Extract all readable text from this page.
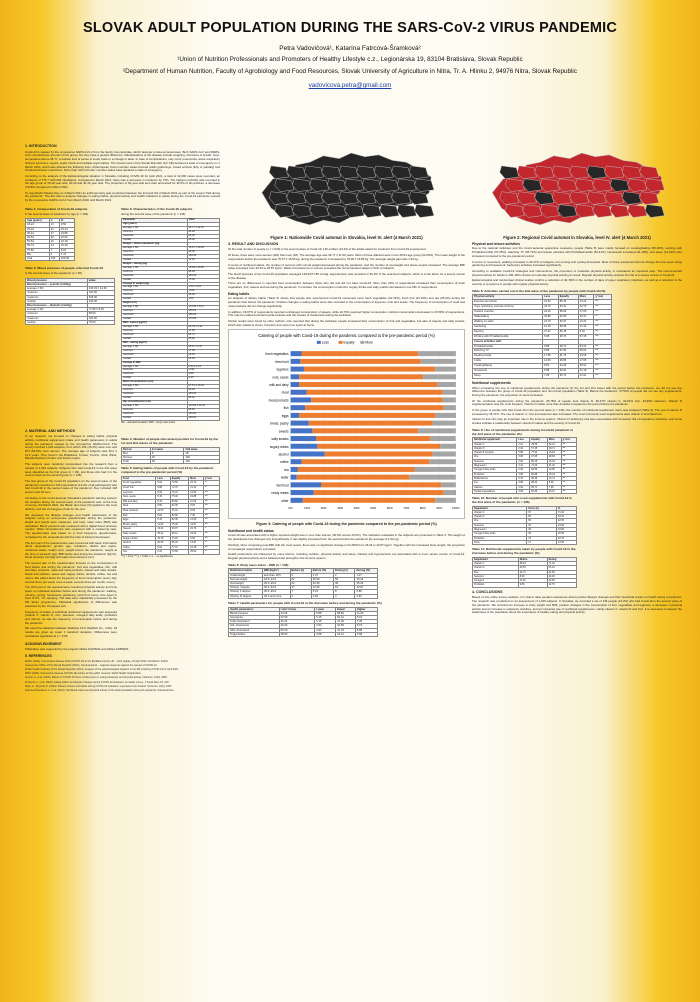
SLOVAK ADULT POPULATION DURING THE SARS-CoV-2 VIRUS PANDEMIC
Petra Vadovičová¹, Katarína Fatrcová-Šramková²
¹Union of Nutrition Professionals and Promoters of Healthy Lifestyle c.z., Legionárska 19, 83104 Bratislava, Slovak Republic
²Department of Human Nutrition, Faculty of Agrobiology and Food Resources, Slovak University of Agriculture in Nitra, Tr. A. Hlinku 2, 94976 Nitra, Slovak Republic
vadovicova.petra@gmail.com
1. INTRODUCTION
Covid-19 is caused by the coronavirus SARS-CoV-2 from the family Coronaviridae, which belongs to beta-coronaviruses. Both SARS-CoV and MERS-CoV coronaviruses are part of this group, but they have a genetic difference. Manifestations of the disease include coughing, shortness of breath, fever, temperature above 38 °C, a sudden loss of sense of smell, taste or a change in taste. In case of complications, may occur pneumonia, acute respiratory distress syndrome, sepsis, septic shock and multiple organ failure. The Government of the Slovak Republic (GV SR) declared a state of emergency on 1 March 2020, which also affected the following lives. All European Union member states banned public gatherings, closed schools (fully or partially) and introduced border restrictions. More than half of the EU member states have declared a state of emergency.
According to the analysis of the Epidemiological situation in Slovakia, including COVID-19 for April 2021, a total of 42,000 cases were recorded, an incidence of 775.7 /100 000 inhabitants. Compared to March 2021, there was a decrease in incidence by 72%. The highest morbidity was recorded in the age group of 15-19 year olds, 20-24 and 40-44 year olds. The proportion of 45-year-olds and older accounted for 32.6% of all positives, a decrease of 8.6% compared to March 2021.
To map World Obesity Day on 4 March 2021 an anthropometry was conducted between the 2nd and 3rd of March 2021 as part of the project 'Talk during the pandemic'. The aim was to analyze changes in eating habits, physical activity and health indicators in adults during the Covid-19 pandemic caused by the coronavirus SARS-CoV-2 from March 2020 until March 2021.
Table 1: Composition of Covid-19 subjects
in the second wave of pandemic by age (n = 136)
Age (years)	n	%
18-24	13	9.56
25-34	21	15.44
35-44	27	19.85
45-54	30	22.06
55-64	22	16.18
65-74	14	10.29
75-84	7	5.15
85+	2	1.47
total	136	100.00
Table 2: Blood pressure of people, who had Covid-19
in the second wave of the pandemic (n = 66)
Blood pressure	value
Blood pressure – systolic (mmHg)	
average ± SD	133.03 ± 12.52
minimum	106.00
maximum	165.00
median	130.00
Blood pressure – diastolic (mmHg)	
average ± SD	77.89 ± 8.29
minimum	58.00
maximum	102.00
median	79.00
Table 3: Characteristics of the Covid-19 subjects
during the second wave of the pandemic (n = 136)
Parameter	Total
Age (years)	
average ± SD	46.77 ± 11.53
minimum	22.00
maximum	85.00
median	46.00
Weight – before pandemic (kg)	
average ± SD	76.57 ± 16.55
minimum	42.00
maximum	130.00
median	72.00
Weight – during (kg)	
average ± SD	78.09 ± 16.85
minimum	43.00
maximum	140.00
median	73.00
Change in weight (kg)	
average ± SD	1.52 ± 3.25
minimum	-8.00
maximum	14.00
median	1.00
Height (cm)	
average ± SD	170.33 ± 8.07
minimum	155.00
maximum	198.00
median	170.00
BMI – before (kg/m²)	
average ± SD	26.34 ± 5.12
minimum	17.60
maximum	54.71
median	25.48
BMI – during (kg/m²)	
average ± SD	26.87 ± 5.27
minimum	17.96
maximum	56.35
median	26.02
Change in BMI	
average ± SD	0.53 ± 1.14
minimum	-2.94
maximum	4.84
median	0.35
Waist circumference (cm)	
average ± SD	87.91 ± 15.34
minimum	58.00
maximum	135.00
median	86.00
Hip circumference (cm)	
average ± SD	104.04 ± 11.60
minimum	80.00
maximum	145.00
median	103.00
SD – standard deviation; BMI – body mass index
2. MATERIAL AND METHODS
In our research, we focused on changes in eating habits, physical activity, nutritional supplement intake and health parameters in adults during the pandemic caused by the coronavirus SARS-CoV-2. The survey involved 1,029 subjects, from which 156 (15.2%) were men and 873 (84.8%) were women. The average age of subjects was 45.2 ± 12.9 years. They lived in the Bratislava, Trnava, Trenčín, Nitra, Žilina, Banská Bystrica, Prešov and Košice region.
The subjects were randomly incorporated into the research from a sample of 1,029 subjects. Subjects who had Covid-19 in the first wave were classified as the first group (n = 39), and those who had it in the second wave as the second group (n = 136).
The first group of the Covid-19 population (in the second wave of the pandemic) consisted of 136 respondents (13.2% of all participants) who had Covid-19 in the second wave of the pandemic; they included 118 women and 18 men.
According to the Covid-automat (Slovakia's pandemic warning system) the situation during the second wave of the pandemic was: at the time of survey, 3rd March 2021, the 'Black' alert level (IV) applied to the most districts, and the 2nd degree of risk for the rest.
We assessed the lifestyle changes and health parameters of the subjects using an anonymous questionnaire during the pandemic. Height and weight were measured, and body mass index (BMI) was calculated. Blood pressure was measured with a digital blood pressure monitor. Waist circumference was measured with a measuring tape. The questionnaire was based on a food frequency questionnaire, completed by the respondents with the help of trained interviewers.
The first part of the questionnaire was concerned with basic information about respondents: gender, age, residence, district and region, nutritional status, height (cm), weight before the pandemic, weight at the time of research (kg), BMI before and during the pandemic (kg/m²), blood pressure (mmHg) and waist circumference (cm).
The second part of the questionnaire focused on the consumption of food before and during the pandemic: fruit and vegetables, fish, milk and dairy products, meat and meat products, sweets and salty snacks, bread and pastries, sweet and sugary drinks, alcohol, coffee, tea and others. We asked about the frequency of food consumption (every day, several times per week, once a week, several times per month, never).
The third part of the questionnaire monitored physical activity and time spent on individual activities before and during the pandemic: walking, running, cycling, housework, gardening, work from home, time spent in front of PC, TV, sleeping. The data were statistically processed by the MS Excel programme. Statistical significance of differences was assessed by the chi-square test.
Frequency of intake of individual nutritional supplements was assessed (vitamin C, vitamin D, zinc, selenium, omega-3 fatty acids, probiotics and others), as was the frequency of consumption before and during the pandemic.
We used the statistical software Statistica 13.0 (StatSoft Inc., USA). All results are given as mean ± standard deviation. Differences were considered significant at p < 0.05.
Table 4: Number of people who tested positive for Covid-19 by the 1st and 2nd waves of the pandemic
Period	1st wave	2nd wave
Men	5	18
Women	34	118
Total	39	136
Table 5: Eating habits of people with Covid-19 by the pandemic compared to the pre-pandemic period (%)
Food	Less	Equally	More	χ² test
Fresh vegetables	6.62	70.59	22.79	**
Fresh fruit	5.88	72.79	21.32	**
Legumes	8.09	79.41	12.50	***
Nuts, seeds	5.15	75.00	19.85	***
Milk and dairy	5.15	83.82	11.03	***
Meat	9.56	82.35	8.09	***
Meat products	12.50	79.41	8.09	***
Fish	8.82	83.82	7.35	***
Eggs	5.15	82.35	12.50	***
Bread, pastry	11.03	75.00	13.97	***
Sweets	13.24	63.97	22.79	*
Salty snacks	15.44	69.12	15.44	***
Sugary drinks	16.18	74.26	9.56	***
Alcohol	20.59	65.44	13.97	**
Coffee	6.62	77.21	16.18	***
Tea	4.41	70.59	25.00	**
** p < 0.01, *** p < 0.001, n.s. – no significance
ACKNOWLEDGEMENT
Publication was supported by the projects VEGA 1/0445/21 and VEGA 1/0598/21.
5. REFERENCES
ECDC (2020). Coronavirus disease 2019 (COVID-19) in the EU/EEA and the UK – ninth update, 23 April 2020. Stockholm: ECDC.
Government Office of the Slovak Republic (2021). Covid-automat – regional measures against the spread of COVID-19.
Public Health Authority of the Slovak Republic (2021). Analysis of the epidemiological situation in the SR including COVID-19 for April 2021.
WHO (2020). Coronavirus disease (COVID-19) advice for the public. Geneva: World Health Organization.
Ammar, A. et al. (2020). Effects of COVID-19 home confinement on eating behaviour and physical activity. Nutrients, 12(6), 1583.
Di Renzo, L. et al. (2020). Eating habits and lifestyle changes during COVID-19 lockdown: an Italian survey. J Transl Med, 18, 229.
Sidor, A., Rzymski, P. (2020). Dietary choices and habits during COVID-19 lockdown: experience from Poland. Nutrients, 12(6), 1657.
Fatrcová-Šramková, K. et al. (2021). Nutritional status and physical activity of the adult population during the pandemic. Potravinarstvo.
Figure 1: Nationwide Covid automat in Slovakia, level IV. alert (4 March 2021)
3. RESULT AND DISCUSSION
Of the total number of people (n = 1 029) in the second wave of Covid-19, 136 entities (13.2% of the adults asked for treatment from Covid-19 experienced.
Of these, there were more women (118) than men (18). The average age was 46.77 ± 11.53 years. Most of those affected were in the 45-54 age group (22.06%). The mean weight of the respondents before the pandemic was 76.57 ± 16.55 kg; during the pandemic it increased to 78.09 ± 16.85 kg. The average weight gain was 1.52 kg.
In terms of nutritional status, the number of persons with normal weight decreased during the pandemic, and the number of overweight and obese people increased. The average BMI value increased from 26.34 to 26.87 kg/m². Waist circumference in women exceeded the recommended values in 51% of subjects.
The blood pressure of the Covid-19 population averaged 133.03/77.89 mmHg. Hypertension was recorded in 36.4% of the examined subjects, which is a risk factor for a severe course of the disease.
There are no differences in reported food consumption between those who did and did not have Covid-19. More than 20% of respondents increased their consumption of fresh vegetables, fruit, sweets and tea during the pandemic. In contrast, the consumption of alcohol, sugary drinks and salty snacks decreased in one fifth of respondents.
Eating habits
An analysis of dietary habits (Table 5) shows that people who experienced Covid-19 consumed more fresh vegetables (22.79%), fresh fruit (21.32%) and tea (25.0%) during the pandemic than before the pandemic. Positive changes in eating habits were also recorded in the consumption of legumes, nuts and seeds. The frequency of consumption of meat and meat products did not change significantly.
In addition, 63.97% of respondents reported unchanged consumption of sweets, while 22.79% reported higher consumption. Alcohol consumption decreased in 20.59% of respondents. This may be related to limited social contacts and the closure of restaurants during the lockdown.
Similar results were found by other authors, who reported that during the lockdown people increased their consumption of fruit and vegetables, but also of sweets and salty snacks, which was related to stress, boredom and more time spent at home.
Catering of people with Covid-19 during the pandemic compared to the pre-pandemic period (%)
Less	Equally	More
0%	10%	20%	30%	40%	50%	60%	70%	80%	90%	100%
fresh vegetables
fresh fruit
legumes
nuts, seeds
milk and dairy
meat
meat products
fish
eggs
bread, pastry
sweets
salty snacks
sugary drinks
alcohol
coffee
tea
water
fast food
ready meals
other
Figure 3: Catering of people with Covid-19 during the pandemic compared to the pre-pandemic period (%)
Nutritional and health status
Covid-19 was associated with a higher reported weight loss in men than women (40.0% versus 23.0%). The indicators evaluated in the subjects are presented in Table 3. The weight of the participants has changed only insignificantly. It has slightly increased from the period before the pandemic (by average of 1.52 kg).
Similarly, when comparing post-BMI with the most recent, there was no significant change in the BMI from 26.34 to 26.87 kg/m². Together with the increased body weight, the proportion of overweight respondents increased.
Health parameters are influenced by many factors, including nutrition, physical activity and sleep. Obesity and hypertension are associated with a more severe course of Covid-19. Regular physical activity and a balanced diet strengthen the immune system.
Table 6: Body mass index – BMI (n = 136)
Nutritional status	BMI (kg/m²)	Before (n)	Before (%)	During (n)	During (%)
Underweight	less than 18.5	2	1.47	2	1.47
Normal weight	18.5–24.9	62	45.59	55	40.44
Overweight	25.0–29.9	44	32.35	48	35.29
Obesity I degree	30.0–34.9	17	12.50	19	13.97
Obesity II degree	35.0–39.9	7	5.15	8	5.88
Obesity III degree	40.0 and more	4	2.94	4	2.94
Table 7: Health parameters for people with Covid-19 in the 2nd wave before and during the pandemic (%)
Health parameters	I don't know	Lower	Equal	Higher
Blood pressure	24.26	5.88	58.82	11.03
Glycaemia	37.50	5.15	52.21	5.15
Total cholesterol	40.44	5.15	47.06	7.35
LDL-cholesterol	49.26	2.94	42.65	5.15
HDL-cholesterol	50.00	2.94	41.18	5.88
Triglycerides	48.53	3.68	44.12	3.68
Figure 2: Regional Covid automat in Slovakia, level IV. alert (4 March 2021)
Physical and leisure activities
Due to the national lockdown and the Covid automat quarantine measures, people (Table 8) were mainly focused on cooking/baking (66.28%), working with PC/tablet/mobile (57.35%), watching TV (56.71%) and leisure activities with PC/tablet/mobile (54.41%). Housework increased (41.18%), and sleep (41.91%) also increased compared to the pre-pandemic period.
In terms of movement, walking increased in 26.47% of subjects, but running and cycling decreased. Most of those questioned did not change the time spent doing gardening and housework. Sedentary activities increased significantly.
According to available Covid-19 strategies and interventions, the promotion of moderate physical activity is considered an important step. The recommended physical activity for adults is 150–300 minutes of moderate physical activity per week. Regular physical activity reduces the risk of a severe course of Covid-19.
Epidemiological and randomised clinical studies confirm a reduction of 40–50% in the number of days of upper respiratory infections, as well as a reduction in the severity of symptoms in people with regular physical activity.
Table 8: Activities carried out in the 2nd wave of the pandemic by people with Covid-19 (%)
Physical activity	Less	Equally	More	χ² test
Exercise (at school)	31.62	55.15	13.24	***
Yoga, stretching, exercise at home	22.79	54.41	22.79	***
Outdoor exercise	24.26	58.09	17.65	***
Walk/walking	30.88	42.65	26.47	**
Walking on stairs	22.79	63.97	13.24	***
Gardening	10.29	68.38	21.32	***
Dancing	27.21	66.18	6.62	***
Working with PC/tablet/mobile	5.88	36.76	57.35	***
Leisure activities with:				
PC/tablet/mobile	5.88	39.71	54.41	***
Watching TV	5.88	37.50	56.62	***
Reading books	17.65	61.76	20.59	***
Crafts	12.50	69.85	17.65	***
Cooking/baking	8.82	24.26	66.91	***
Housework	5.88	52.94	41.18	***
Sleep	7.35	50.74	41.91	***
Nutritional supplements
When comparing the use of nutritional supplements during the pandemic (in the 1st and 2nd wave) with the period before the pandemic, we did not see any difference between the group of Covid-19 population and non-Covid population (Table 9). Before the pandemic, 37.50% of people did not use any supplements. During the pandemic, the proportion of users increased.
Of the nutritional supplements during the pandemic, 65.78% of people took vitamin D, 60.47% vitamin C, 32.61% zinc, 23.96% selenium. Vitamin D supplementation was the most frequent. Vitamin D intake more than doubled compared to the period before the pandemic.
In the group of people who had Covid-19 in the second wave (n = 136), the number of nutritional supplement users was analysed (Table 9). The use of vitamin D increased by 39.71%. The use of vitamin C, zinc and selenium also increased. The most commonly used supplements were vitamin C and vitamin D.
Vitamin D and zinc play an important role in the immune system. Vitamin D deficiency has been associated with increased risk of respiratory infections, and some studies indicate a relationship between vitamin D status and the severity of Covid-19.
Table 9: Use of nutritional supplements during Covid-19 pandemic in the 2nd wave of the pandemic (%)
Nutritional supplement	Less	Equally	More	χ² test
Vitamin C	2.21	45.59	52.21	***
Vitamin D	2.94	57.35	39.71	***
Vitamin B complex	5.88	77.94	16.18	***
Zinc	3.68	67.65	28.68	***
Selenium	2.94	80.15	16.91	***
Magnesium	4.41	74.26	21.32	***
Omega-3 fatty acids	2.94	84.56	12.50	***
Probiotics	3.68	80.88	15.44	***
Multivitamins	5.15	80.15	14.71	***
Iron	3.68	88.24	8.09	***
Calcium	2.94	89.71	7.35	***
Herbal preparations	3.68	82.35	13.97	***
Table 10: Number of people who used supplements with Covid-19 in the 2nd wave of the pandemic (n = 136)
Supplement	Users (n)	%
Vitamin C	97	71.32
Vitamin D	86	63.24
Zinc	58	42.65
Selenium	33	24.26
Magnesium	45	33.09
Omega-3 fatty acids	28	20.59
Probiotics	31	22.79
None	17	12.50
Table 11: Nutritional supplements taken by people with Covid-19 in the 2nd wave before and during the pandemic (%)
Supplement	Before	During
Vitamin C	38.24	71.32
Vitamin D	23.53	63.24
Zinc	14.71	42.65
Selenium	8.09	24.26
Omega-3	11.03	20.59
Probiotics	9.56	22.79
4. CONCLUSIONS
Based on the online survey analysis, it is vital to raise people's awareness about positive lifestyle changes and their beneficial impact on health during a pandemic. The research was conducted on an assessment of 1,029 subjects. In Slovakia, we recorded a set of 136 people (13.2%) who had Covid-19 in the second wave of the pandemic. We recorded an increase in body weight and BMI, positive changes in the consumption of fruit, vegetables and legumes, a decrease in physical activity and an increase in sedentary activities, and an increased use of nutritional supplements, mainly vitamin C, vitamin D and zinc. It is necessary to deepen the awareness of the population about the importance of healthy eating and physical activity.
